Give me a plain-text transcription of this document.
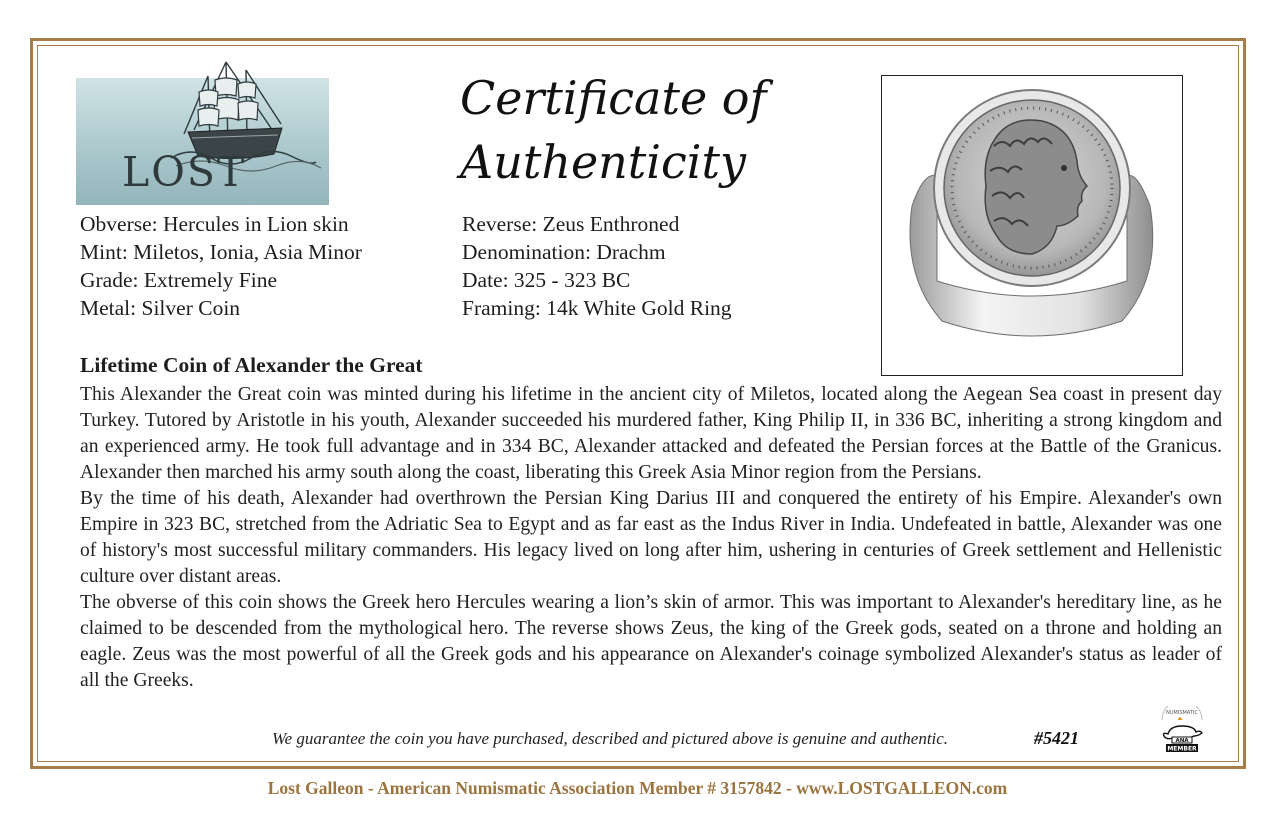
LOST
Certificate of
Authenticity
Obverse: Hercules in Lion skin
Mint: Miletos, Ionia, Asia Minor
Grade: Extremely Fine
Metal: Silver Coin
Reverse: Zeus Enthroned
Denomination: Drachm
Date: 325 - 323 BC
Framing: 14k White Gold Ring
Lifetime Coin of Alexander the Great

This Alexander the Great coin was minted during his lifetime in the ancient city of Miletos, located along the Aegean Sea coast in present day Turkey. Tutored by Aristotle in his youth, Alexander succeeded his murdered father, King Philip II, in 336 BC, inheriting a strong kingdom and an experienced army. He took full advantage and in 334 BC, Alexander attacked and defeated the Persian forces at the Battle of the Granicus. Alexander then marched his army south along the coast, liberating this Greek Asia Minor region from the Persians.

By the time of his death, Alexander had overthrown the Persian King Darius III and conquered the entirety of his Empire. Alexander's own Empire in 323 BC, stretched from the Adriatic Sea to Egypt and as far east as the Indus River in India. Undefeated in battle, Alexander was one of history's most successful military commanders. His legacy lived on long after him, ushering in centuries of Greek settlement and Hellenistic culture over distant areas.

The obverse of this coin shows the Greek hero Hercules wearing a lion’s skin of armor. This was important to Alexander's hereditary line, as he claimed to be descended from the mythological hero. The reverse shows Zeus, the king of the Greek gods, seated on a throne and holding an eagle. Zeus was the most powerful of all the Greek gods and his appearance on Alexander's coinage symbolized Alexander's status as leader of all the Greeks.

We guarantee the coin you have purchased, described and pictured above is genuine and authentic.	#5421
NUMISMATIC
ANA
MEMBER
Lost Galleon - American Numismatic Association Member # 3157842 - www.LOSTGALLEON.com
